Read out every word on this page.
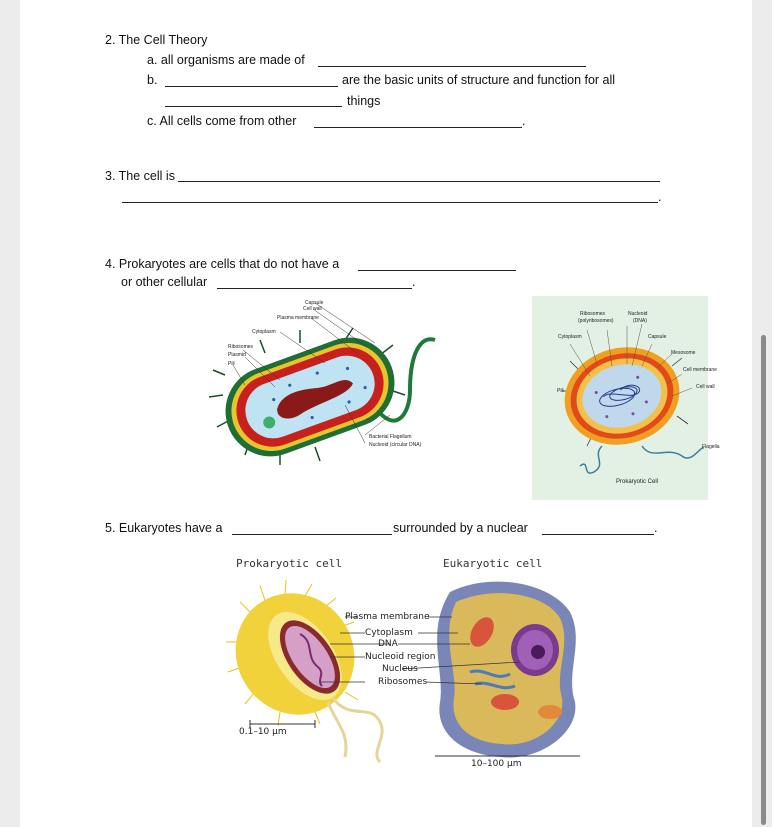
2. The Cell Theory
a. all organisms are made of
b.	are the basic units of structure and function for all
things
c. All cells come from other	.
3. The cell is
.
4. Prokaryotes are cells that do not have a
or other cellular	.
Capsule
Cell wall
Plasma membrane
Cytoplasm
Ribosomes
Plasmid
Pili
Bacterial Flagellum
Nucleoid (circular DNA)
Ribosomes
(polyribosomes)
Nucleoid
(DNA)
Cytoplasm	Capsule
Mesosome
Cell membrane
Cell wall
Pili
Flagella
Prokaryotic Cell
5. Eukaryotes have a	surrounded by a nuclear	.
Prokaryotic cell	Eukaryotic cell
Plasma membrane
Cytoplasm
DNA
Nucleoid region
Nucleus
Ribosomes
0.1–10 µm
10–100 µm
